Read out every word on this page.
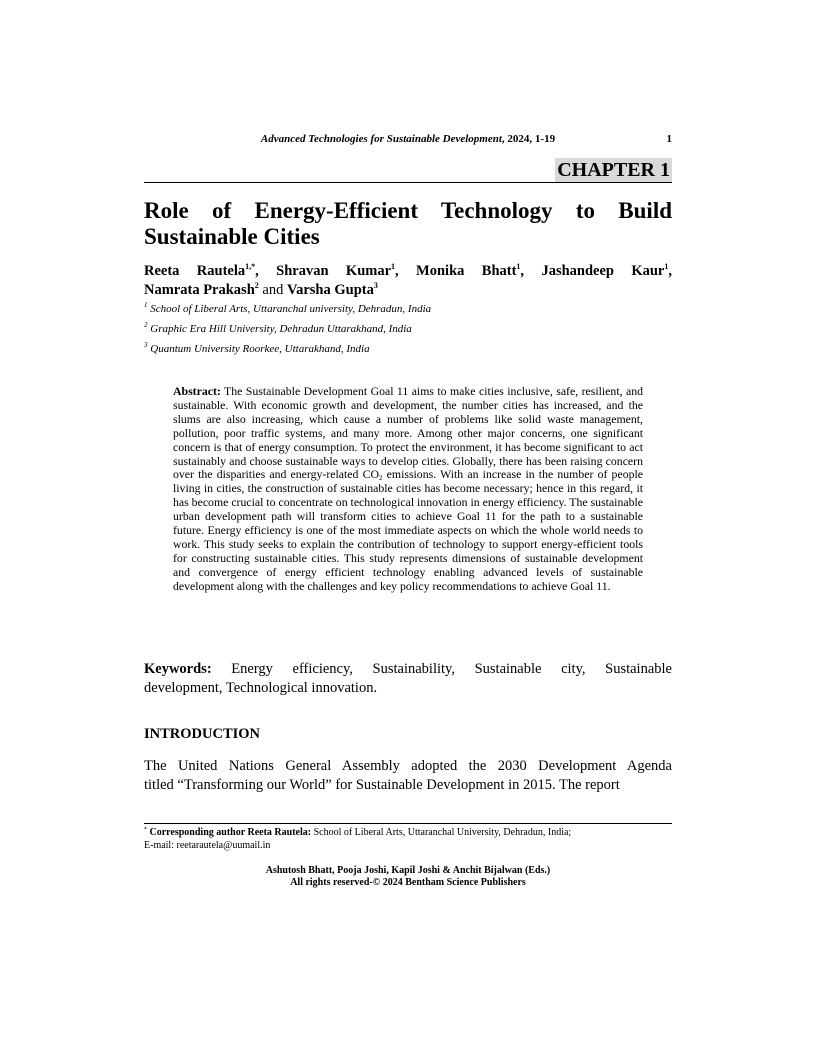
Advanced Technologies for Sustainable Development, 2024, 1-19	1
CHAPTER 1
Role of Energy-Efficient Technology to Build
Sustainable Cities
Reeta Rautela$^{1,*}$, Shravan Kumar$^1$, Monika Bhatt$^1$, Jashandeep Kaur$^1$,
Namrata Prakash$^2$ and Varsha Gupta$^3$
$^1$ School of Liberal Arts, Uttaranchal university, Dehradun, India
$^2$ Graphic Era Hill University, Dehradun Uttarakhand, India
$^3$ Quantum University Roorkee, Uttarakhand, India
Abstract: The Sustainable Development Goal 11 aims to make cities inclusive, safe, resilient, and sustainable. With economic growth and development, the number cities has increased, and the slums are also increasing, which cause a number of problems like solid waste management, pollution, poor traffic systems, and many more. Among other major concerns, one significant concern is that of energy consumption. To protect the environment, it has become significant to act sustainably and choose sustainable ways to develop cities. Globally, there has been raising concern over the disparities and energy-related $CO_2$ emissions. With an increase in the number of people living in cities, the construction of sustainable cities has become necessary; hence in this regard, it has become crucial to concentrate on technological innovation in energy efficiency. The sustainable urban development path will transform cities to achieve Goal 11 for the path to a sustainable future. Energy efficiency is one of the most immediate aspects on which the whole world needs to work. This study seeks to explain the contribution of technology to support energy-efficient tools for constructing sustainable cities. This study represents dimensions of sustainable development and convergence of energy efficient technology enabling advanced levels of sustainable development along with the challenges and key policy recommendations to achieve Goal 11.
Keywords: Energy efficiency, Sustainability, Sustainable city, Sustainable
development, Technological innovation.
INTRODUCTION
The United Nations General Assembly adopted the 2030 Development Agenda
titled “Transforming our World” for Sustainable Development in 2015. The report
* Corresponding author Reeta Rautela: School of Liberal Arts, Uttaranchal University, Dehradun, India;
E-mail: reetarautela@uumail.in
Ashutosh Bhatt, Pooja Joshi, Kapil Joshi & Anchit Bijalwan (Eds.)
All rights reserved-© 2024 Bentham Science Publishers
